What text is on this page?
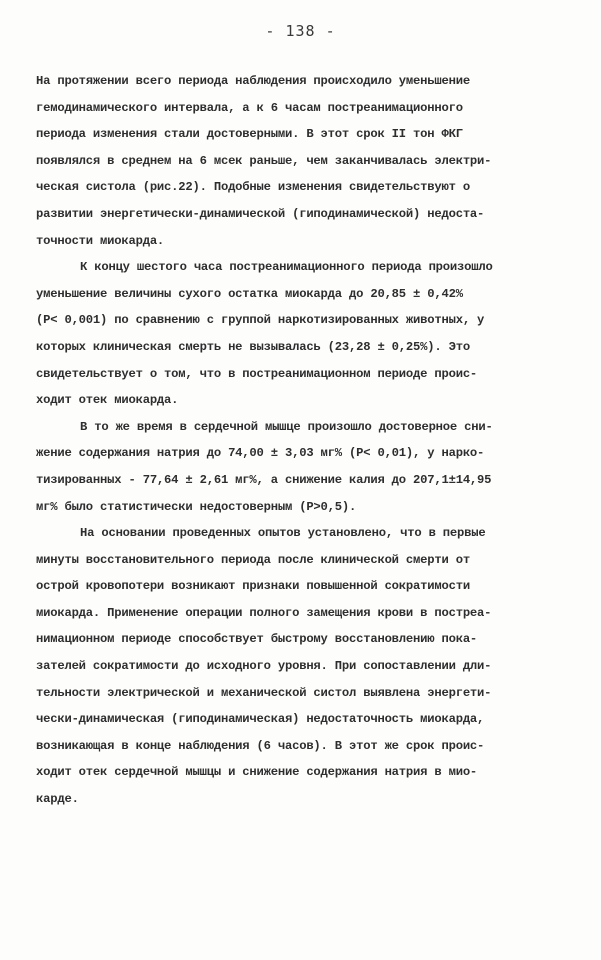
- 138 -
На протяжении всего периода наблюдения происходило уменьшение
гемодинамического интервала, а к 6 часам постреанимационного
периода изменения стали достоверными. В этот срок II тон ФКГ
появлялся в среднем на 6 мсек раньше, чем заканчивалась электри-
ческая систола (рис.22). Подобные изменения свидетельствуют о
развитии энергетически-динамической (гиподинамической) недоста-
точности миокарда.
К концу шестого часа постреанимационного периода произошло
уменьшение величины сухого остатка миокарда до 20,85 ± 0,42%
(Р< 0,001) по сравнению с группой наркотизированных животных, у
которых клиническая смерть не вызывалась (23,28 ± 0,25%). Это
свидетельствует о том, что в постреанимационном периоде проис-
ходит отек миокарда.
В то же время в сердечной мышце произошло достоверное сни-
жение содержания натрия до 74,00 ± 3,03 мг% (Р< 0,01), у нарко-
тизированных - 77,64 ± 2,61 мг%, а снижение калия до 207,1±14,95
мг% было статистически недостоверным (Р>0,5).
На основании проведенных опытов установлено, что в первые
минуты восстановительного периода после клинической смерти от
острой кровопотери возникают признаки повышенной сократимости
миокарда. Применение операции полного замещения крови в постреа-
нимационном периоде способствует быстрому восстановлению пока-
зателей сократимости до исходного уровня. При сопоставлении дли-
тельности электрической и механической систол выявлена энергети-
чески-динамическая (гиподинамическая) недостаточность миокарда,
возникающая в конце наблюдения (6 часов). В этот же срок проис-
ходит отек сердечной мышцы и снижение содержания натрия в мио-
карде.
